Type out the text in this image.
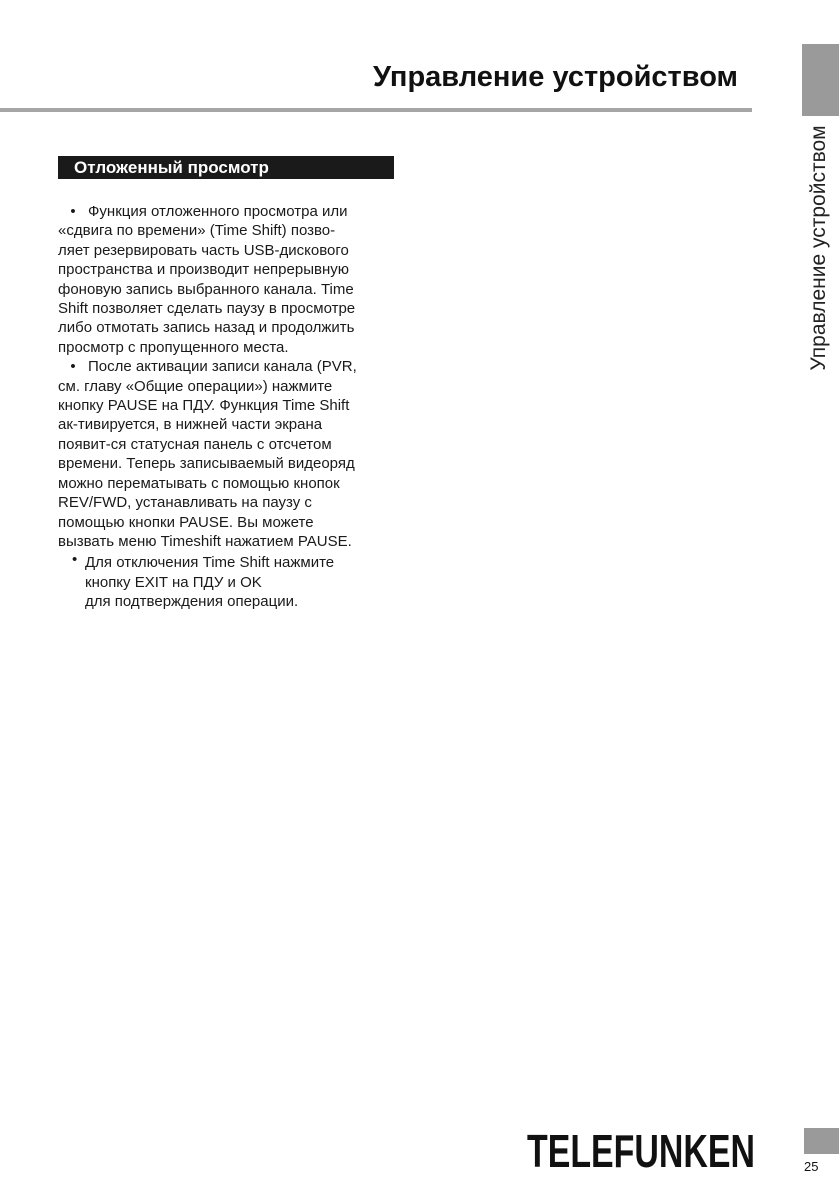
Управление устройством
Управление устройством
Отложенный просмотр

• Функция отложенного просмотра или
«сдвига по времени» (Time Shift) позво-
ляет резервировать часть USB-дискового
пространства и производит непрерывную
фоновую запись выбранного канала. Time
Shift позволяет сделать паузу в просмотре
либо отмотать запись назад и продолжить
просмотр с пропущенного места.

• После активации записи канала (PVR,
см. главу «Общие операции») нажмите
кнопку PAUSE на ПДУ. Функция Time Shift
ак-тивируется, в нижней части экрана
появит-ся статусная панель с отсчетом
времени. Теперь записываемый видеоряд
можно перематывать с помощью кнопок
REV/FWD, устанавливать на паузу с
помощью кнопки PAUSE. Вы можете
вызвать меню Timeshift нажатием PAUSE.

• Для отключения Time Shift нажмите
кнопку EXIT на ПДУ и OK
для подтверждения операции.

TELEFUNKEN	25
